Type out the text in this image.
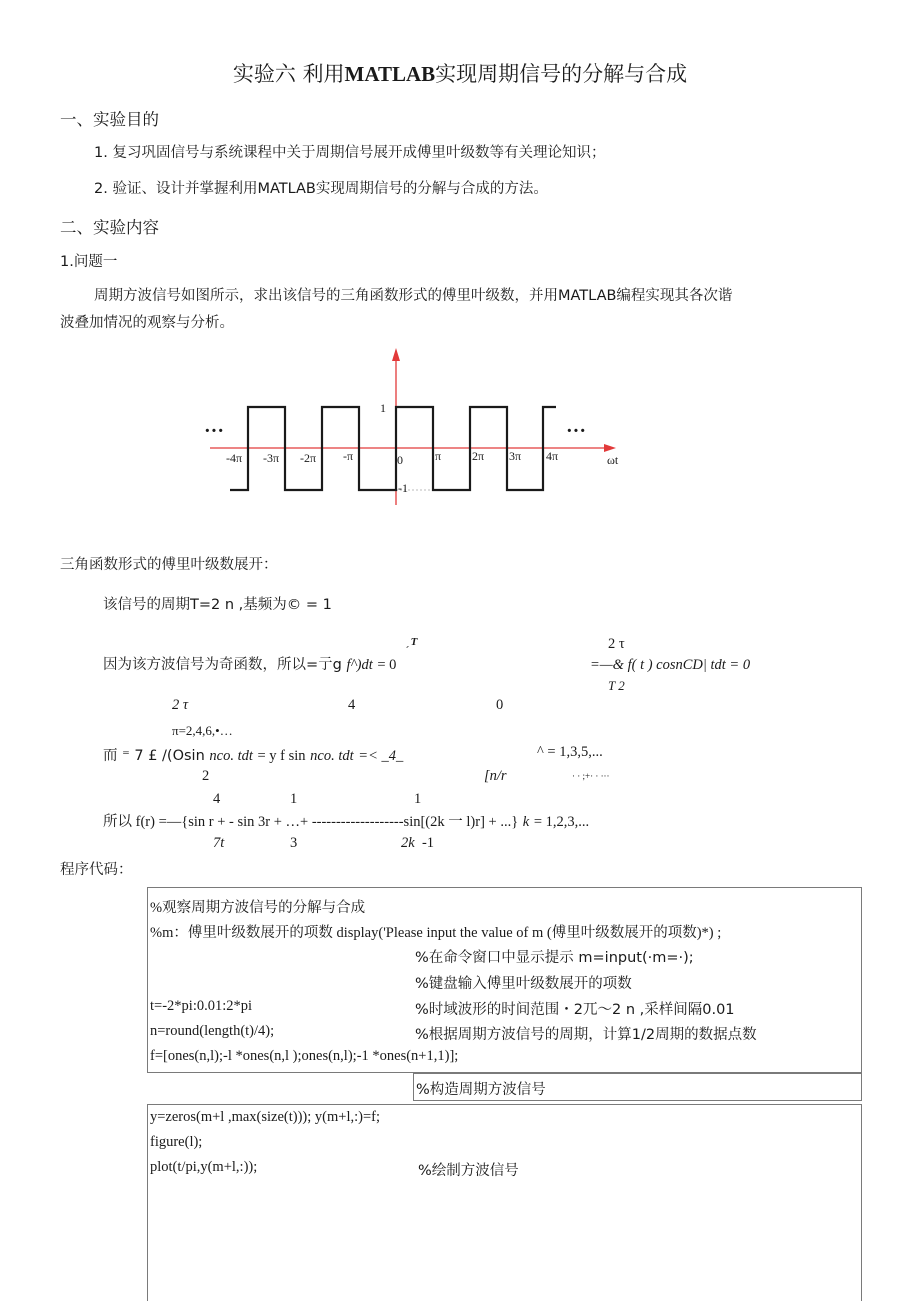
实验六 利用MATLAB实现周期信号的分解与合成
一、实验目的
1. 复习巩固信号与系统课程中关于周期信号展开成傅里叶级数等有关理论知识；
2. 验证、设计并掌握利用MATLAB实现周期信号的分解与合成的方法。
二、实验内容
1.问题一
周期方波信号如图所示，求出该信号的三角函数形式的傅里叶级数，并用MATLAB编程实现其各次谐
波叠加情况的观察与分析。
···	···
1
-1
-4π -3π -2π -π	0	π	2π 3π 4π	ωt
三角函数形式的傅里叶级数展开：
该信号的周期T=2 n ,基频为© = 1
͵T	2 τ
因为该方波信号为奇函数，所以=亍g f^)dt = 0	=—& f( t ) cosnCD| tdt = 0
T 2
2 τ	4	0
π=2,4,6,•…
而 ⁼ 7 £ /(Osin nco. tdt = y f sin nco. tdt =< _4_	^ = 1,3,5,...
2	[n/r	· · ;+· · ···
4	1	1
所以 f(r) =—{sin r + - sin 3r + …+ -------------------sin[(2k 一 l)r] + ...} k = 1,2,3,...
7t	3	2k -1
程序代码：
%观察周期方波信号的分解与合成
%m：傅里叶级数展开的项数 display('Please input the value of m (傅里叶级数展开的项数)*) ;
%在命令窗口中显示提示 m=input(·m=·);
%键盘输入傅里叶级数展开的项数
t=-2*pi:0.01:2*pi	%时域波形的时间范围・2兀〜2 n ,采样间隔0.01
n=round(length(t)/4);	%根据周期方波信号的周期，计算1/2周期的数据点数
f=[ones(n,l);-l *ones(n,l );ones(n,l);-1 *ones(n+1,1)];
%构造周期方波信号
y=zeros(m+l ,max(size(t))); y(m+l,:)=f;
figure(l);
plot(t/pi,y(m+l,:));	%绘制方波信号
